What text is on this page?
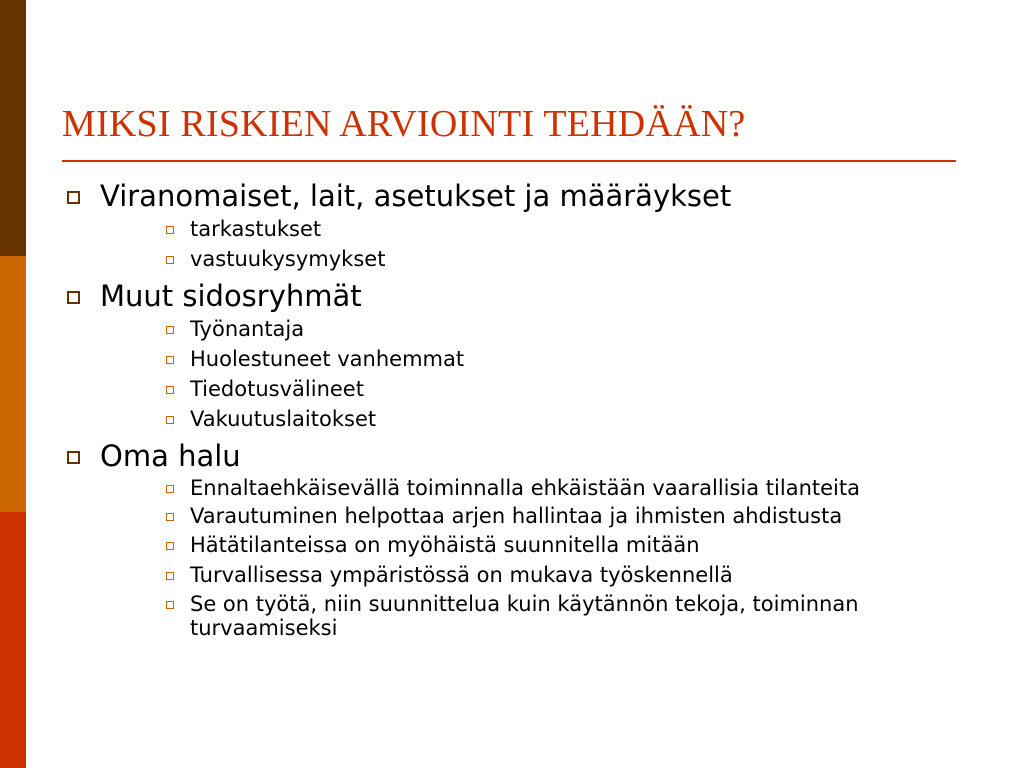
MIKSI RISKIEN ARVIOINTI TEHDÄÄN?
Viranomaiset, lait, asetukset ja määräykset
tarkastukset
vastuukysymykset
Muut sidosryhmät
Työnantaja
Huolestuneet vanhemmat
Tiedotusvälineet
Vakuutuslaitokset
Oma halu
Ennaltaehkäisevällä toiminnalla ehkäistään vaarallisia tilanteita
Varautuminen helpottaa arjen hallintaa ja ihmisten ahdistusta
Hätätilanteissa on myöhäistä suunnitella mitään
Turvallisessa ympäristössä on mukava työskennellä
Se on työtä, niin suunnittelua kuin käytännön tekoja, toiminnan turvaamiseksi
